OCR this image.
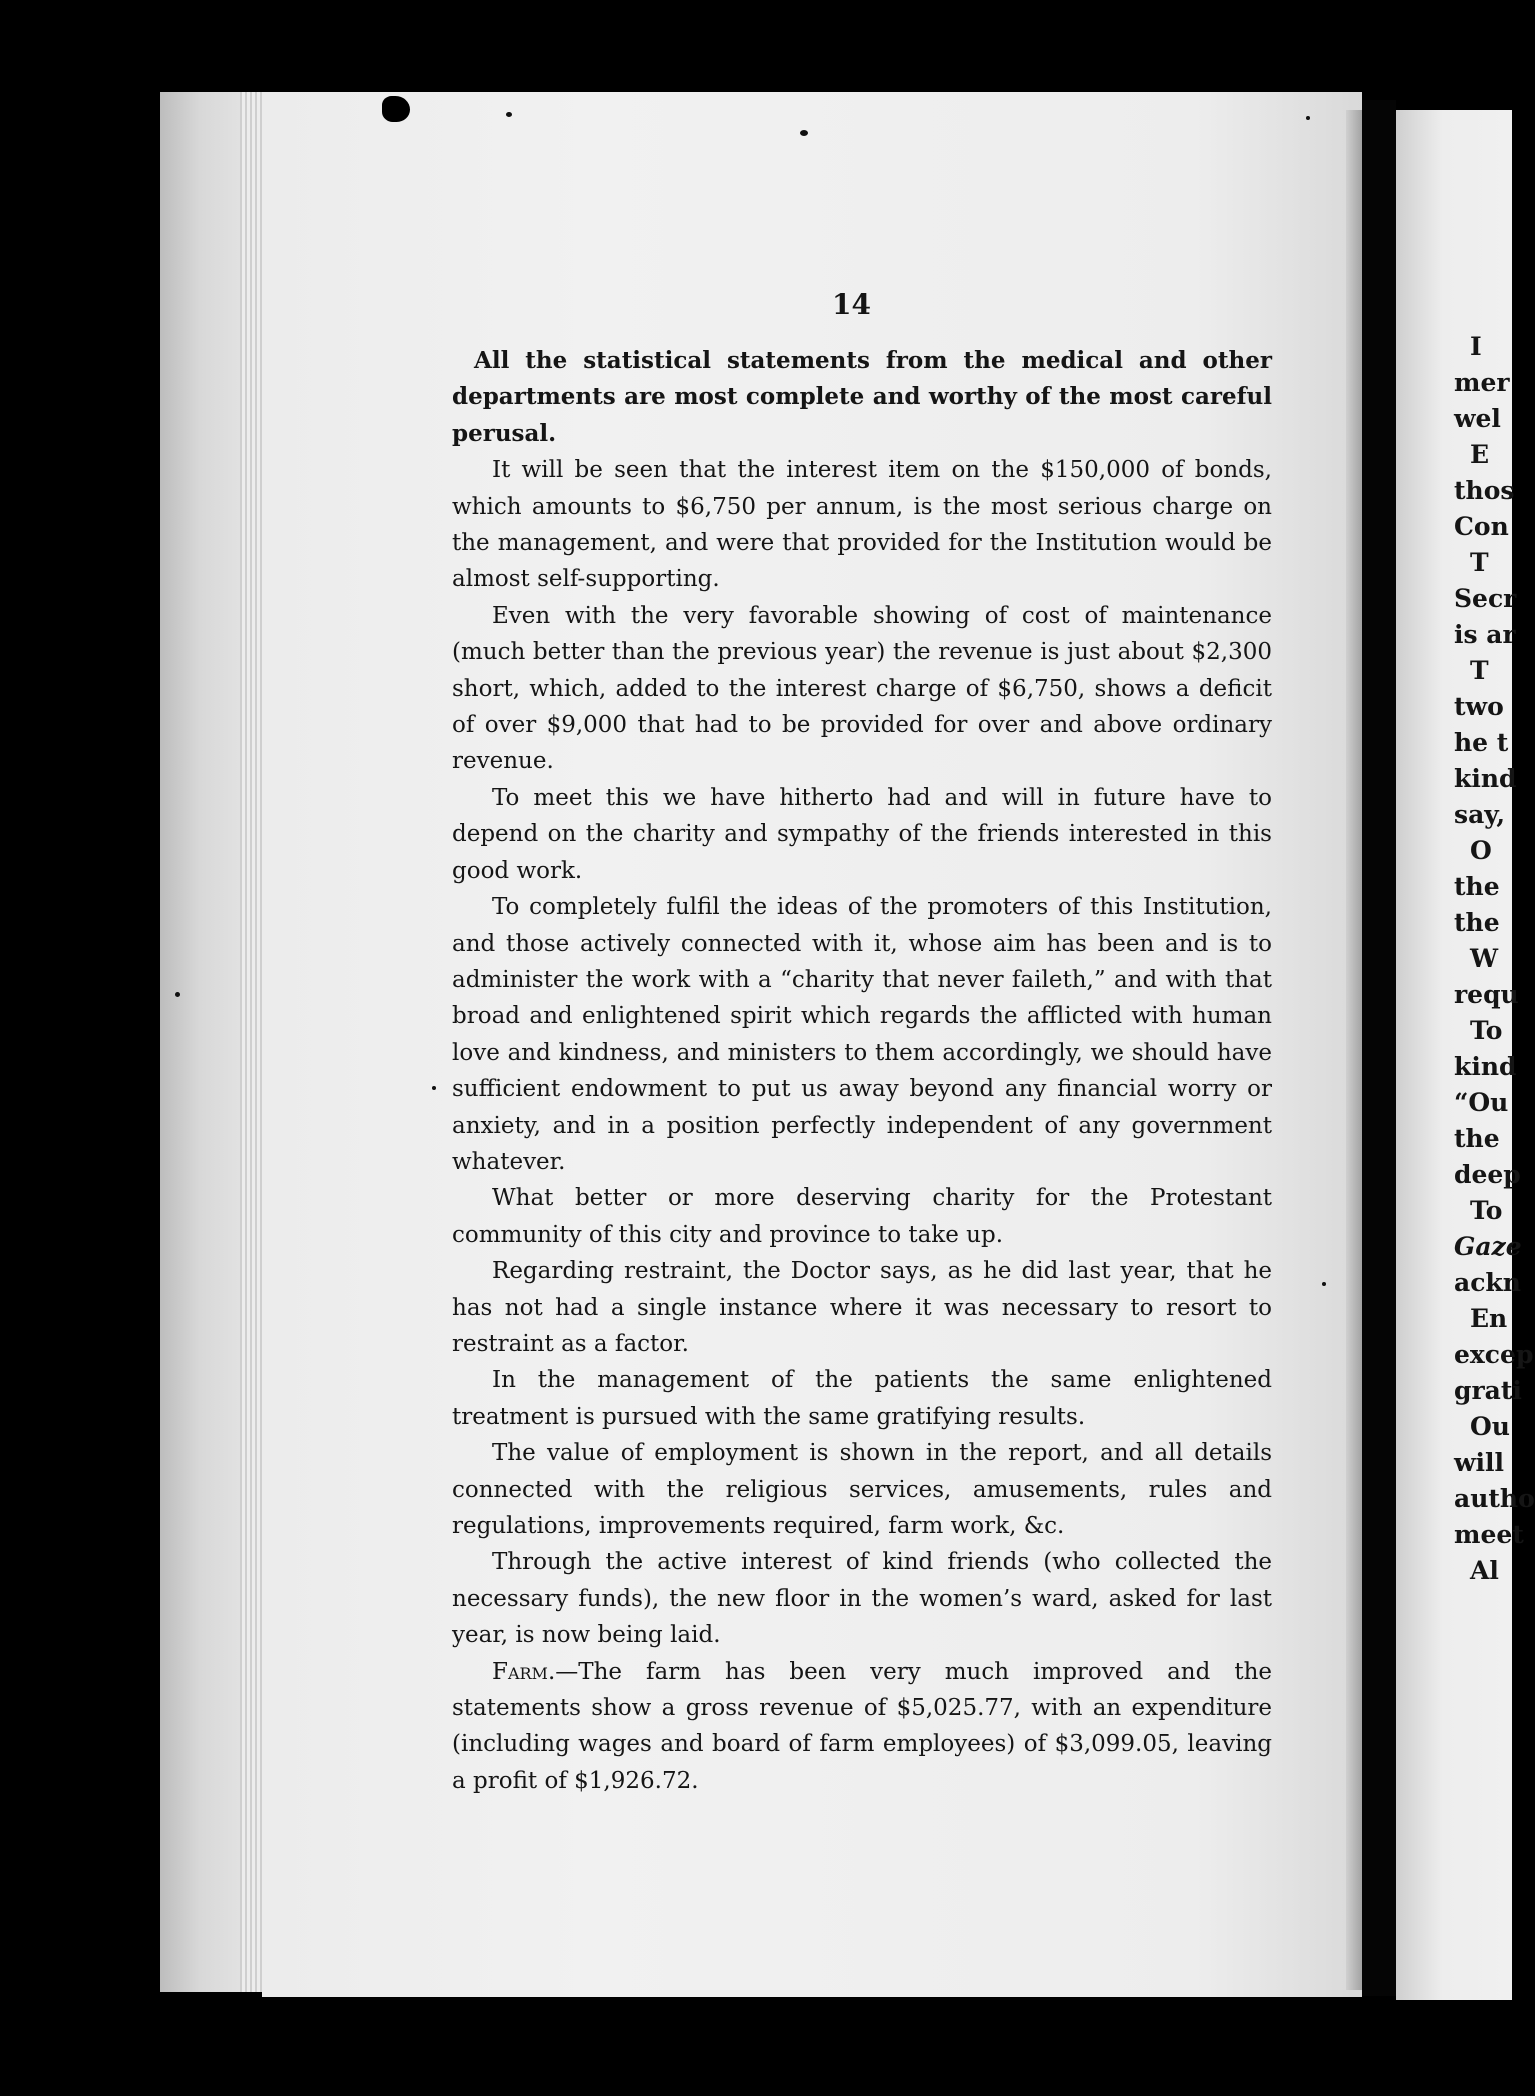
I
mer
wel
E
thos
Con
T
Secr
is ar
T
two
he t
kind
say,
O
the
the
W
requ
To
kind
“Ou
the
deep
To
Gaze
ackn
En
excep
grati
Ou
will
autho
meet
Al
14

All the statistical statements from the medical and other departments are most complete and worthy of the most careful perusal.

It will be seen that the interest item on the $150,000 of bonds, which amounts to $6,750 per annum, is the most serious charge on the management, and were that provided for the Institution would be almost self-supporting.

Even with the very favorable showing of cost of maintenance (much better than the previous year) the revenue is just about $2,300 short, which, added to the interest charge of $6,750, shows a deficit of over $9,000 that had to be provided for over and above ordinary revenue.

To meet this we have hitherto had and will in future have to depend on the charity and sympathy of the friends interested in this good work.

To completely fulfil the ideas of the promoters of this Institution, and those actively connected with it, whose aim has been and is to administer the work with a “charity that never faileth,” and with that broad and enlightened spirit which regards the afflicted with human love and kindness, and ministers to them accordingly, we should have sufficient endowment to put us away beyond any financial worry or anxiety, and in a position perfectly independent of any government whatever.

What better or more deserving charity for the Protestant community of this city and province to take up.

Regarding restraint, the Doctor says, as he did last year, that he has not had a single instance where it was necessary to resort to restraint as a factor.

In the management of the patients the same enlightened treatment is pursued with the same gratifying results.

The value of employment is shown in the report, and all details connected with the religious services, amusements, rules and regulations, improvements required, farm work, &c.

Through the active interest of kind friends (who collected the necessary funds), the new floor in the women’s ward, asked for last year, is now being laid.

Farm.—The farm has been very much improved and the statements show a gross revenue of $5,025.77, with an expenditure (including wages and board of farm employees) of $3,099.05, leaving a profit of $1,926.72.
